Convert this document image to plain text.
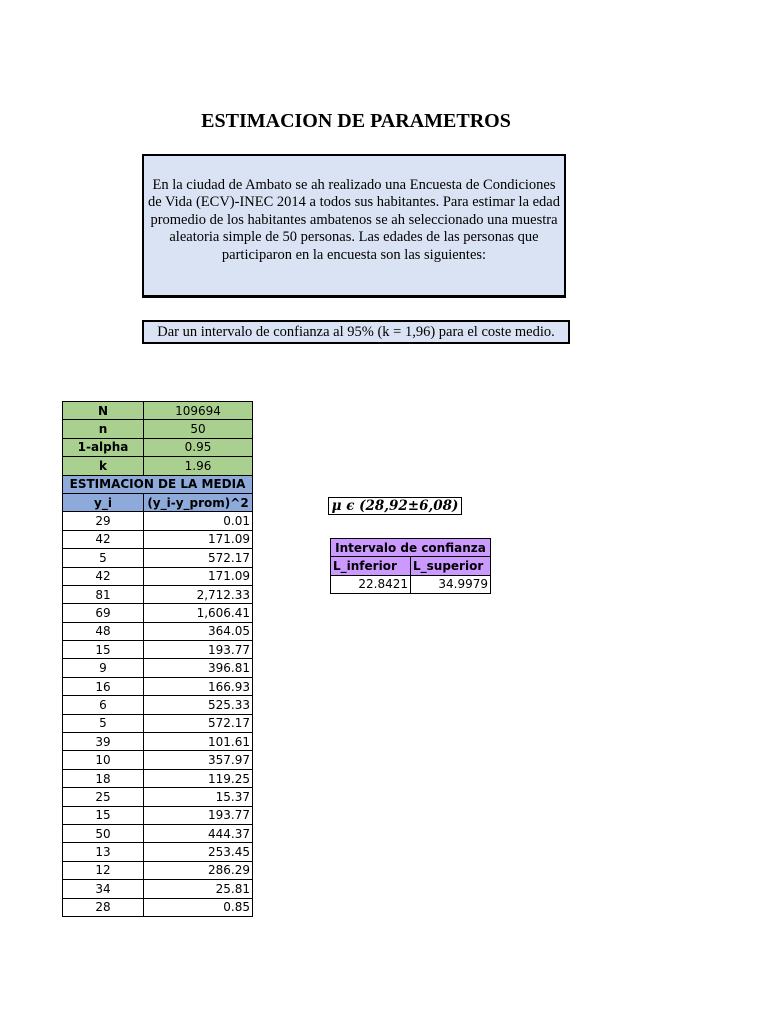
ESTIMACION DE PARAMETROS
En la ciudad de Ambato se ah realizado una Encuesta de Condiciones de Vida (ECV)-INEC 2014 a todos sus habitantes. Para estimar la edad promedio de los habitantes ambatenos se ah seleccionado una muestra aleatoria simple de 50 personas. Las edades de las personas que participaron en la encuesta son las siguientes:
Dar un intervalo de confianza al 95% (k = 1,96) para el coste medio.
N	109694
n	50
1-alpha	0.95
k	1.96
ESTIMACION DE LA MEDIA	
y_i	(y_i-y_prom)^2
29	0.01
42	171.09
5	572.17
42	171.09
81	2,712.33
69	1,606.41
48	364.05
15	193.77
9	396.81
16	166.93
6	525.33
5	572.17
39	101.61
10	357.97
18	119.25
25	15.37
15	193.77
50	444.37
13	253.45
12	286.29
34	25.81
28	0.85
μ ϵ (28,92±6,08)
Intervalo de confianza	
L_inferior	L_superior
22.8421	34.9979
